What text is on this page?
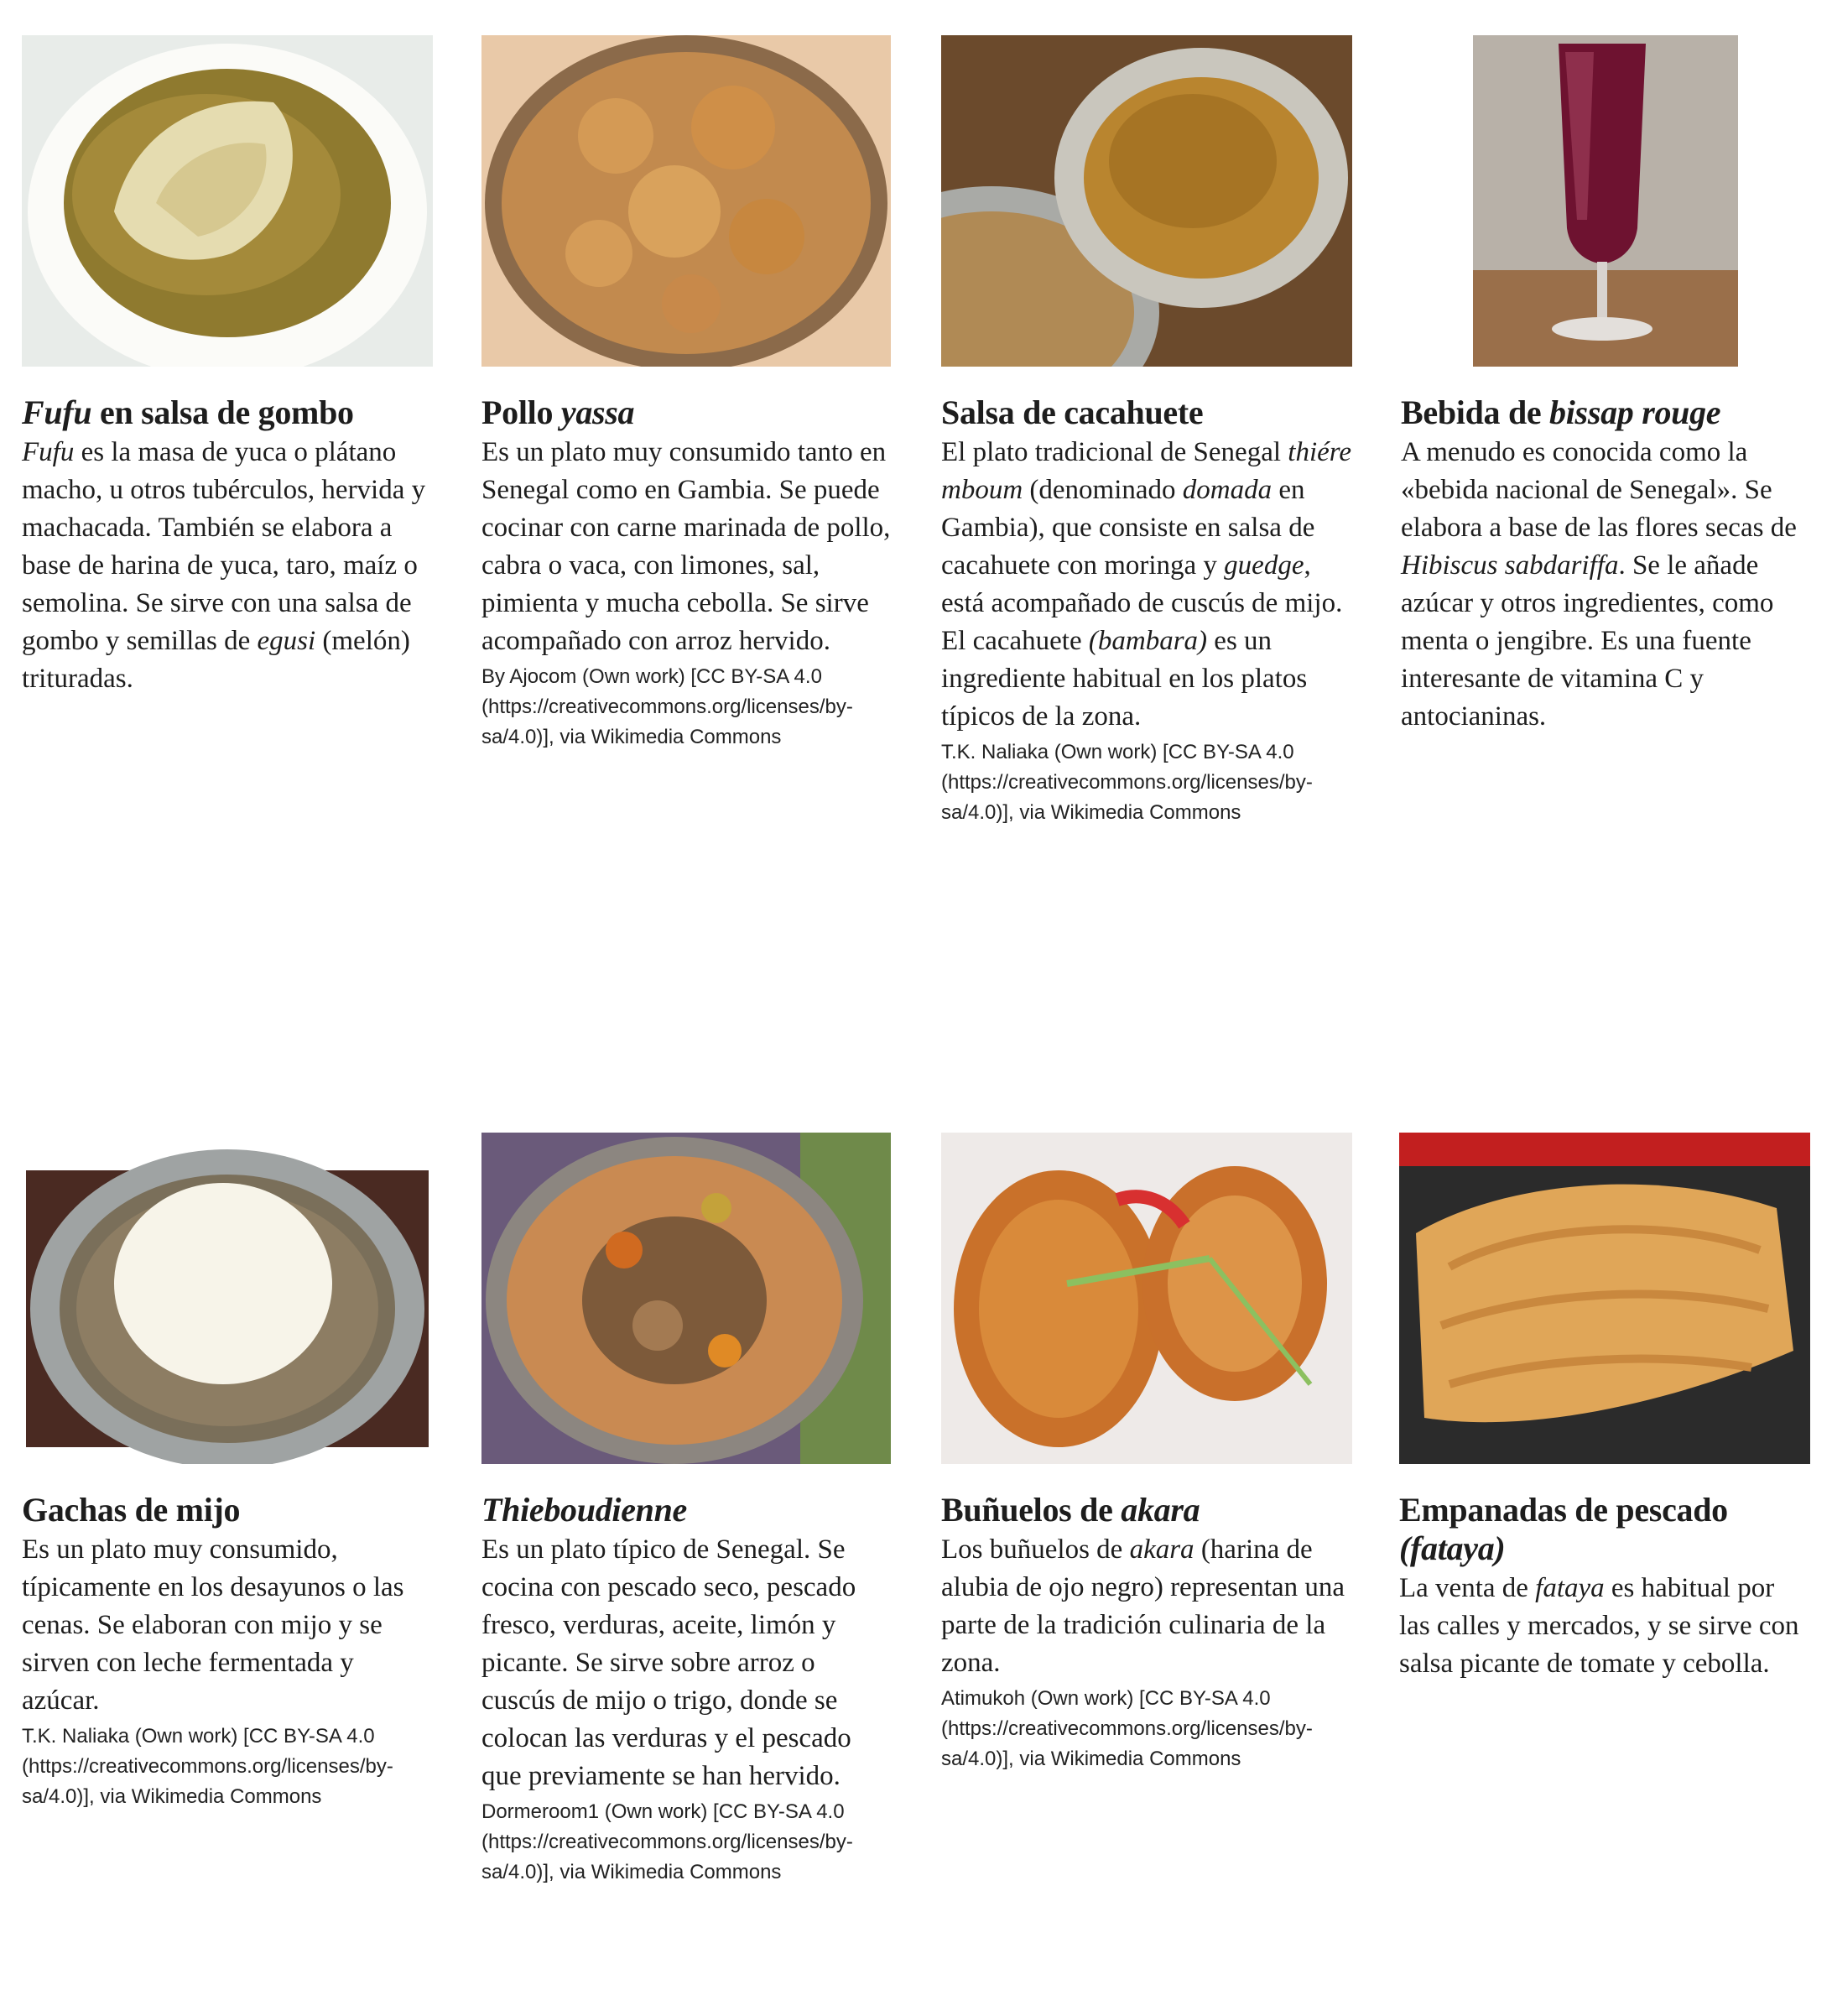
Fufu en salsa de gombo
Fufu es la masa de yuca o plátano macho, u otros tubérculos, hervida y machacada. También se elabora a base de harina de yuca, taro, maíz o semolina. Se sirve con una salsa de gombo y semillas de egusi (melón) trituradas.
Pollo yassa
Es un plato muy consumido tanto en Senegal como en Gambia. Se puede cocinar con carne marinada de pollo, cabra o vaca, con limones, sal, pimienta y mucha cebolla. Se sirve acompañado con arroz hervido.
By Ajocom (Own work) [CC BY-SA 4.0 (https://creativecommons.org/licenses/by-sa/4.0)], via Wikimedia Commons
Salsa de cacahuete
El plato tradicional de Senegal thiére mboum (denominado domada en Gambia), que consiste en salsa de cacahuete con moringa y guedge, está acompañado de cuscús de mijo. El cacahuete (bambara) es un ingrediente habitual en los platos típicos de la zona.
T.K. Naliaka (Own work) [CC BY-SA 4.0 (https://creativecommons.org/licenses/by-sa/4.0)], via Wikimedia Commons
Bebida de bissap rouge
A menudo es conocida como la «bebida nacional de Senegal». Se elabora a base de las flores secas de Hibiscus sabdariffa. Se le añade azúcar y otros ingredientes, como menta o jengibre. Es una fuente interesante de vitamina C y antocianinas.
Gachas de mijo
Es un plato muy consumido, típicamente en los desayunos o las cenas. Se elaboran con mijo y se sirven con leche fermentada y azúcar.
T.K. Naliaka (Own work) [CC BY-SA 4.0 (https://creativecommons.org/licenses/by-sa/4.0)], via Wikimedia Commons
Thieboudienne
Es un plato típico de Senegal. Se cocina con pescado seco, pescado fresco, verduras, aceite, limón y picante. Se sirve sobre arroz o cuscús de mijo o trigo, donde se colocan las verduras y el pescado que previamente se han hervido.
Dormeroom1 (Own work) [CC BY-SA 4.0 (https://creativecommons.org/licenses/by-sa/4.0)], via Wikimedia Commons
Buñuelos de akara
Los buñuelos de akara (harina de alubia de ojo negro) representan una parte de la tradición culinaria de la zona.
Atimukoh (Own work) [CC BY-SA 4.0 (https://creativecommons.org/licenses/by-sa/4.0)], via Wikimedia Commons
Empanadas de pescado (fataya)
La venta de fataya es habitual por las calles y mercados, y se sirve con salsa picante de tomate y cebolla.
